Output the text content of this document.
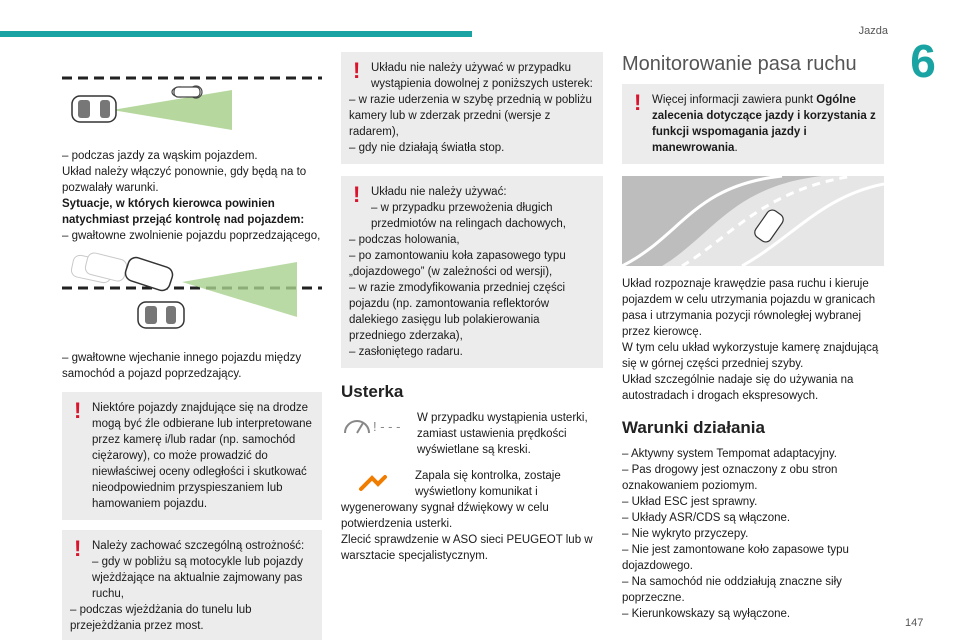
Jazda
6
147
– podczas jazdy za wąskim pojazdem.
Układ należy włączyć ponownie, gdy będą na to pozwalały warunki.
Sytuacje, w których kierowca powinien natychmiast przejąć kontrolę nad pojazdem:
– gwałtowne zwolnienie pojazdu poprzedzającego,
– gwałtowne wjechanie innego pojazdu między samochód a pojazd poprzedzający.
! Niektóre pojazdy znajdujące się na drodze mogą być źle odbierane lub interpretowane przez kamerę i/lub radar (np. samochód ciężarowy), co może prowadzić do niewłaściwej oceny odległości i skutkować nieodpowiednim przyspieszaniem lub hamowaniem pojazdu.
! Należy zachować szczególną ostrożność:
– gdy w pobliżu są motocykle lub pojazdy wjeżdżające na aktualnie zajmowany pas ruchu,
– podczas wjeżdżania do tunelu lub przejeżdżania przez most.
! Układu nie należy używać w przypadku wystąpienia dowolnej z poniższych usterek:
– w razie uderzenia w szybę przednią w pobliżu kamery lub w zderzak przedni (wersje z radarem),
– gdy nie działają światła stop.
! Układu nie należy używać:
– w przypadku przewożenia długich przedmiotów na relingach dachowych,
– podczas holowania,
– po zamontowaniu koła zapasowego typu „dojazdowego” (w zależności od wersji),
– w razie zmodyfikowania przedniej części pojazdu (np. zamontowania reflektorów dalekiego zasięgu lub polakierowania przedniego zderzaka),
– zasłoniętego radaru.
Usterka
! - - -
W przypadku wystąpienia usterki, zamiast ustawienia prędkości wyświetlane są kreski.
Zapala się kontrolka, zostaje wyświetlony komunikat i wygenerowany sygnał dźwiękowy w celu potwierdzenia usterki.
Zlecić sprawdzenie w ASO sieci PEUGEOT lub w warsztacie specjalistycznym.
Monitorowanie pasa ruchu
! Więcej informacji zawiera punkt Ogólne zalecenia dotyczące jazdy i korzystania z funkcji wspomagania jazdy i manewrowania.
Układ rozpoznaje krawędzie pasa ruchu i kieruje pojazdem w celu utrzymania pojazdu w granicach pasa i utrzymania pozycji równoległej wybranej przez kierowcę.
W tym celu układ wykorzystuje kamerę znajdującą się w górnej części przedniej szyby.
Układ szczególnie nadaje się do używania na autostradach i drogach ekspresowych.
Warunki działania
– Aktywny system Tempomat adaptacyjny.
– Pas drogowy jest oznaczony z obu stron oznakowaniem poziomym.
– Układ ESC jest sprawny.
– Układy ASR/CDS są włączone.
– Nie wykryto przyczepy.
– Nie jest zamontowane koło zapasowe typu dojazdowego.
– Na samochód nie oddziałują znaczne siły poprzeczne.
– Kierunkowskazy są wyłączone.
